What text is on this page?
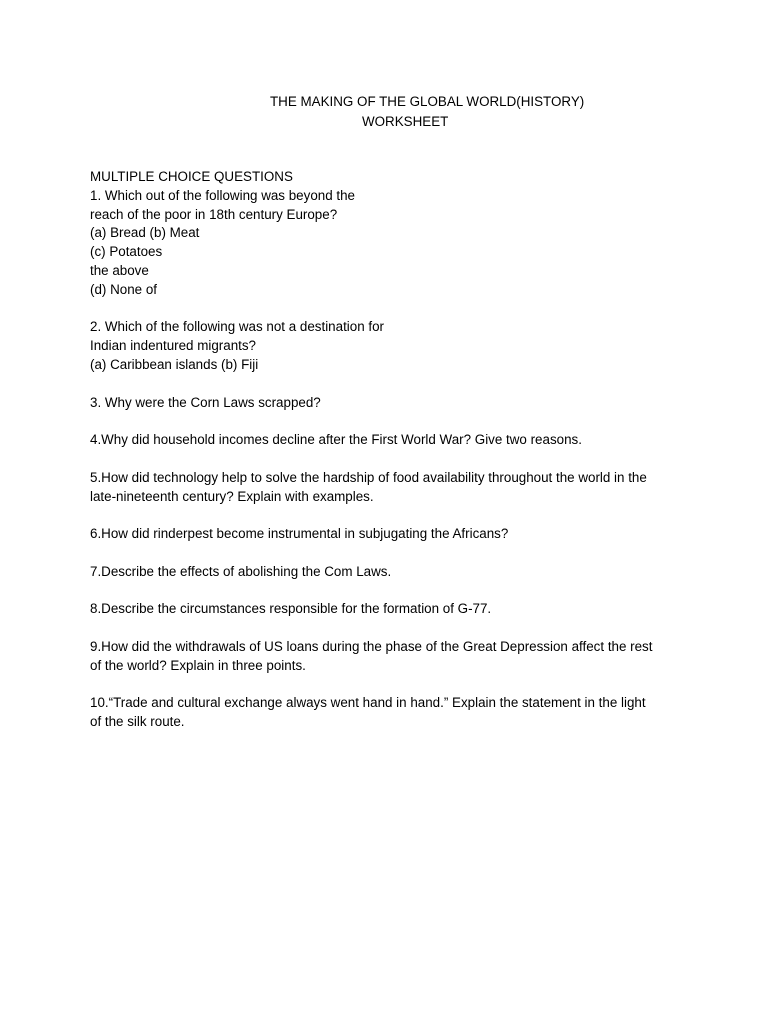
THE MAKING OF THE GLOBAL WORLD(HISTORY)
WORKSHEET
MULTIPLE CHOICE QUESTIONS
1. Which out of the following was beyond the
reach of the poor in 18th century Europe?
(a) Bread (b) Meat
(c) Potatoes
the above
(d) None of
2. Which of the following was not a destination for
Indian indentured migrants?
(a) Caribbean islands (b) Fiji
3. Why were the Corn Laws scrapped?
4.Why did household incomes decline after the First World War? Give two reasons.
5.How did technology help to solve the hardship of food availability throughout the world in the
late-nineteenth century? Explain with examples.
6.How did rinderpest become instrumental in subjugating the Africans?
7.Describe the effects of abolishing the Com Laws.
8.Describe the circumstances responsible for the formation of G-77.
9.How did the withdrawals of US loans during the phase of the Great Depression affect the rest
of the world? Explain in three points.
10.“Trade and cultural exchange always went hand in hand.” Explain the statement in the light
of the silk route.
